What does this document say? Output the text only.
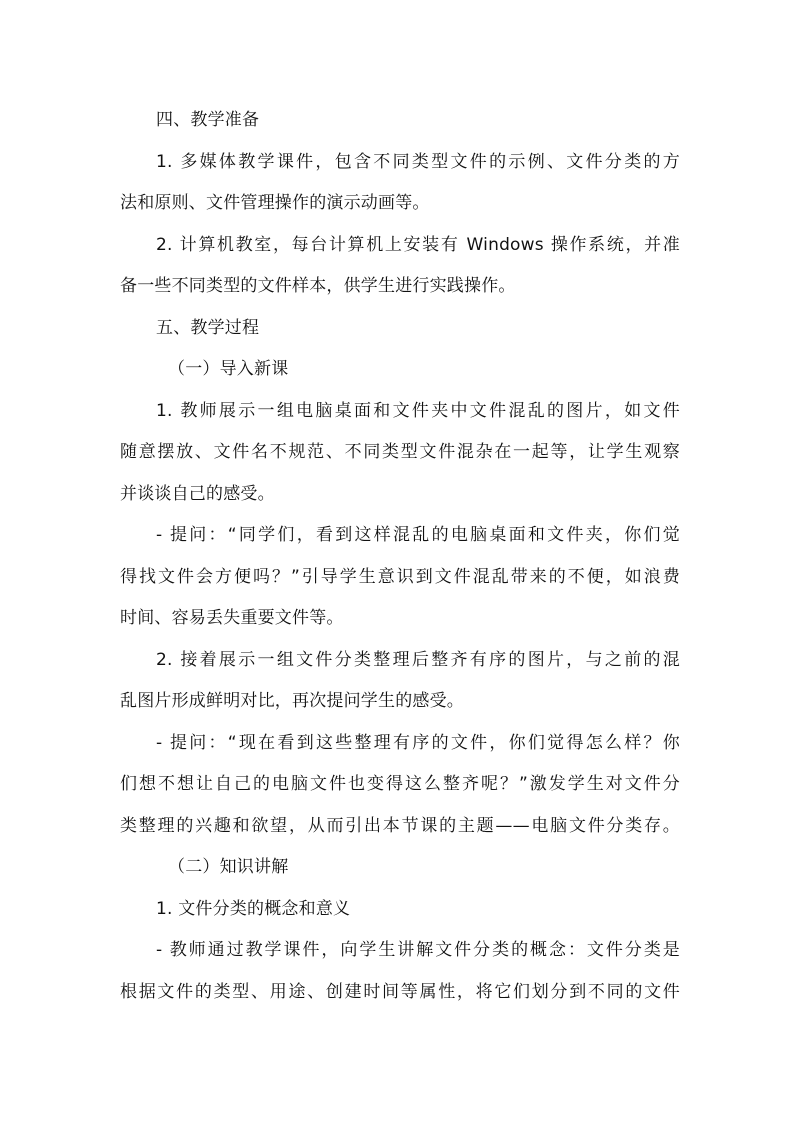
四、教学准备
1. 多媒体教学课件，包含不同类型文件的示例、文件分类的方
法和原则、文件管理操作的演示动画等。
2. 计算机教室，每台计算机上安装有 Windows 操作系统，并准
备一些不同类型的文件样本，供学生进行实践操作。
五、教学过程
（一）导入新课
1. 教师展示一组电脑桌面和文件夹中文件混乱的图片，如文件
随意摆放、文件名不规范、不同类型文件混杂在一起等，让学生观察
并谈谈自己的感受。
- 提问：“同学们，看到这样混乱的电脑桌面和文件夹，你们觉
得找文件会方便吗？”引导学生意识到文件混乱带来的不便，如浪费
时间、容易丢失重要文件等。
2. 接着展示一组文件分类整理后整齐有序的图片，与之前的混
乱图片形成鲜明对比，再次提问学生的感受。
- 提问：“现在看到这些整理有序的文件，你们觉得怎么样？你
们想不想让自己的电脑文件也变得这么整齐呢？”激发学生对文件分
类整理的兴趣和欲望，从而引出本节课的主题——电脑文件分类存。
（二）知识讲解
1. 文件分类的概念和意义
- 教师通过教学课件，向学生讲解文件分类的概念：文件分类是
根据文件的类型、用途、创建时间等属性，将它们划分到不同的文件
